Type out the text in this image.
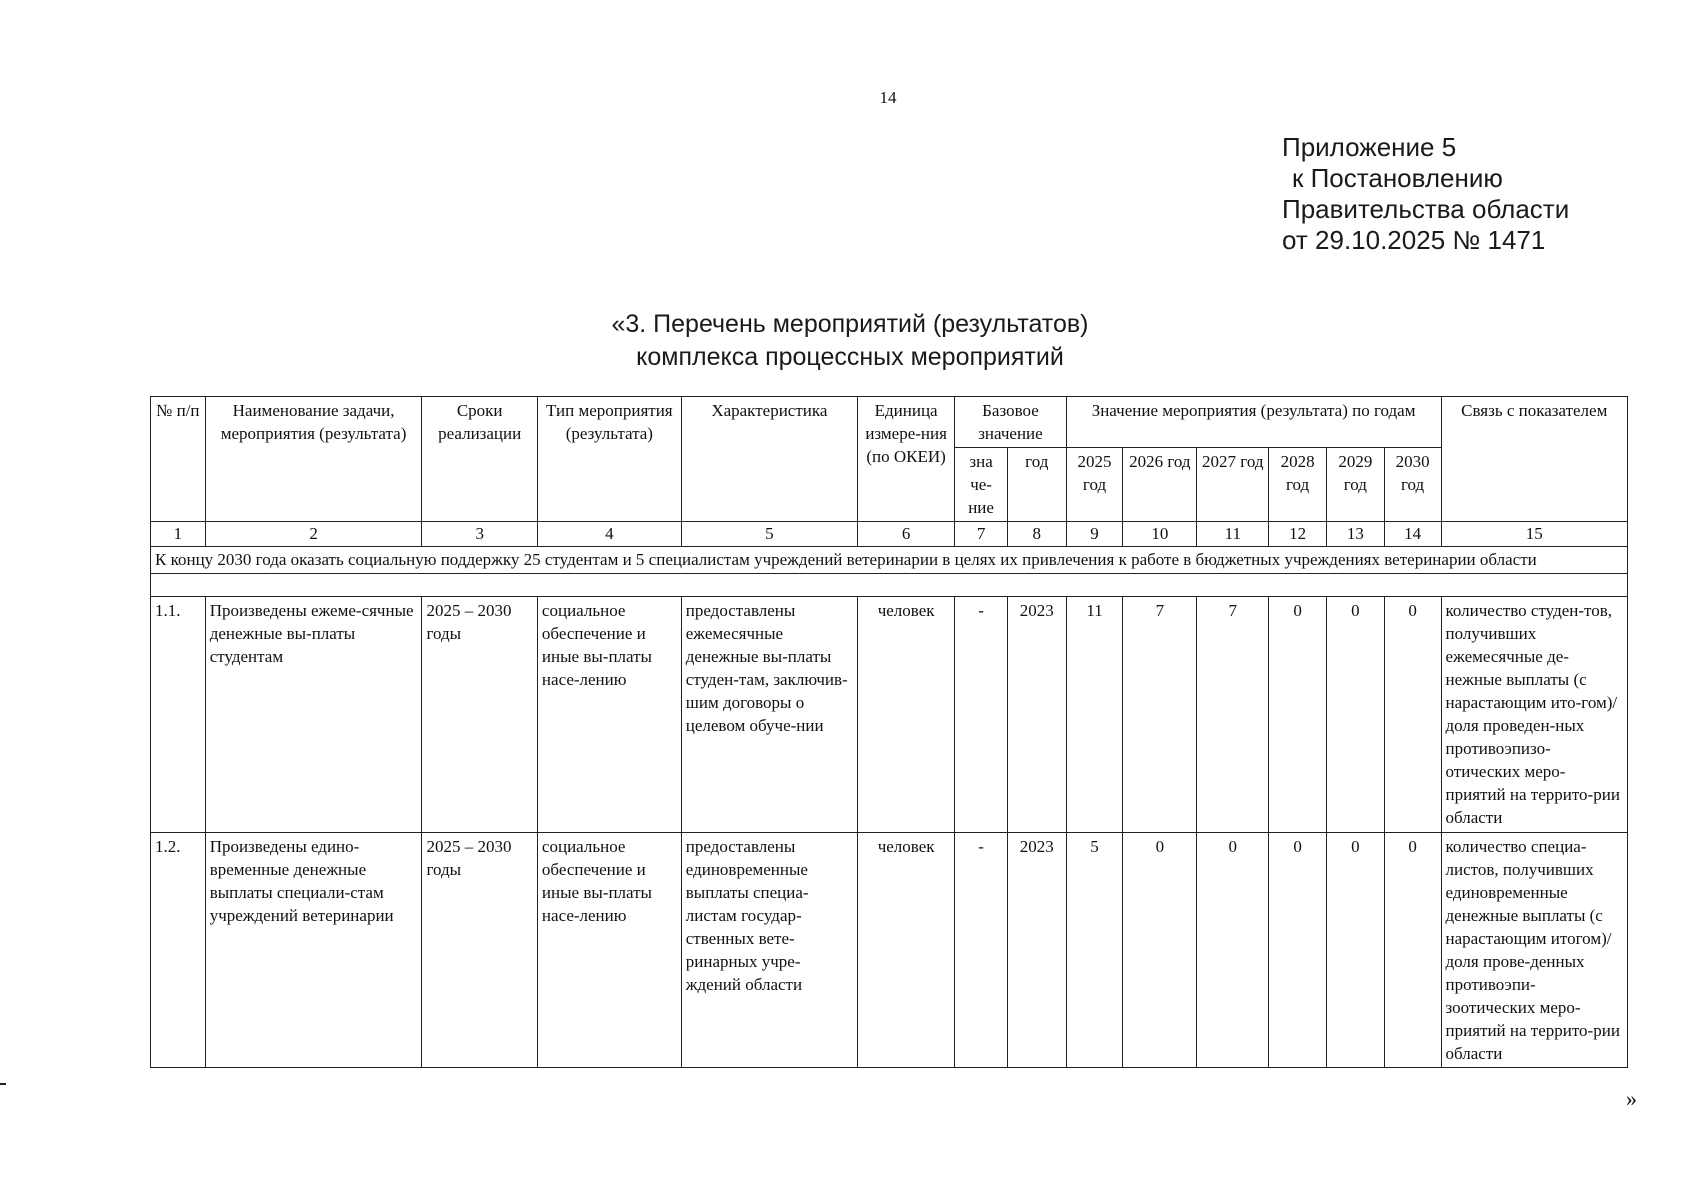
14
Приложение 5
к Постановлению
Правительства области
от 29.10.2025 № 1471
«3. Перечень мероприятий (результатов)
комплекса процессных мероприятий
№ п/п	Наименование задачи, мероприятия (результата)	Сроки реализации	Тип мероприятия (результата)	Характеристика	Единица измере-ния (по ОКЕИ)	Базовое значение		Значение мероприятия (результата) по годам						Связь с показателем
						зна че-ние	год	2025 год	2026 год	2027 год	2028 год	2029 год	2030 год	
1	2	3	4	5	6	7	8	9	10	11	12	13	14	15
К концу 2030 года оказать социальную поддержку 25 студентам и 5 специалистам учреждений ветеринарии в целях их привлечения к работе в бюджетных учреждениях ветеринарии области														

1.1.	Произведены ежеме-сячные денежные вы-платы студентам	2025 – 2030 годы	социальное обеспечение и иные вы-платы насе-лению	предоставлены ежемесячные денежные вы-платы студен-там, заключив-шим договоры о целевом обуче-нии	человек	-	2023	11	7	7	0	0	0	количество студен-тов, получивших ежемесячные де-нежные выплаты (с нарастающим ито-гом)/доля проведен-ных противоэпизо-отических меро-приятий на террито-рии области
1.2.	Произведены едино-временные денежные выплаты специали-стам учреждений ветеринарии	2025 – 2030 годы	социальное обеспечение и иные вы-платы насе-лению	предоставлены единовременные выплаты специа-листам государ-ственных вете-ринарных учре-ждений области	человек	-	2023	5	0	0	0	0	0	количество специа-листов, получивших единовременные денежные выплаты (с нарастающим итогом)/доля прове-денных противоэпи-зоотических меро-приятий на террито-рии области
»
